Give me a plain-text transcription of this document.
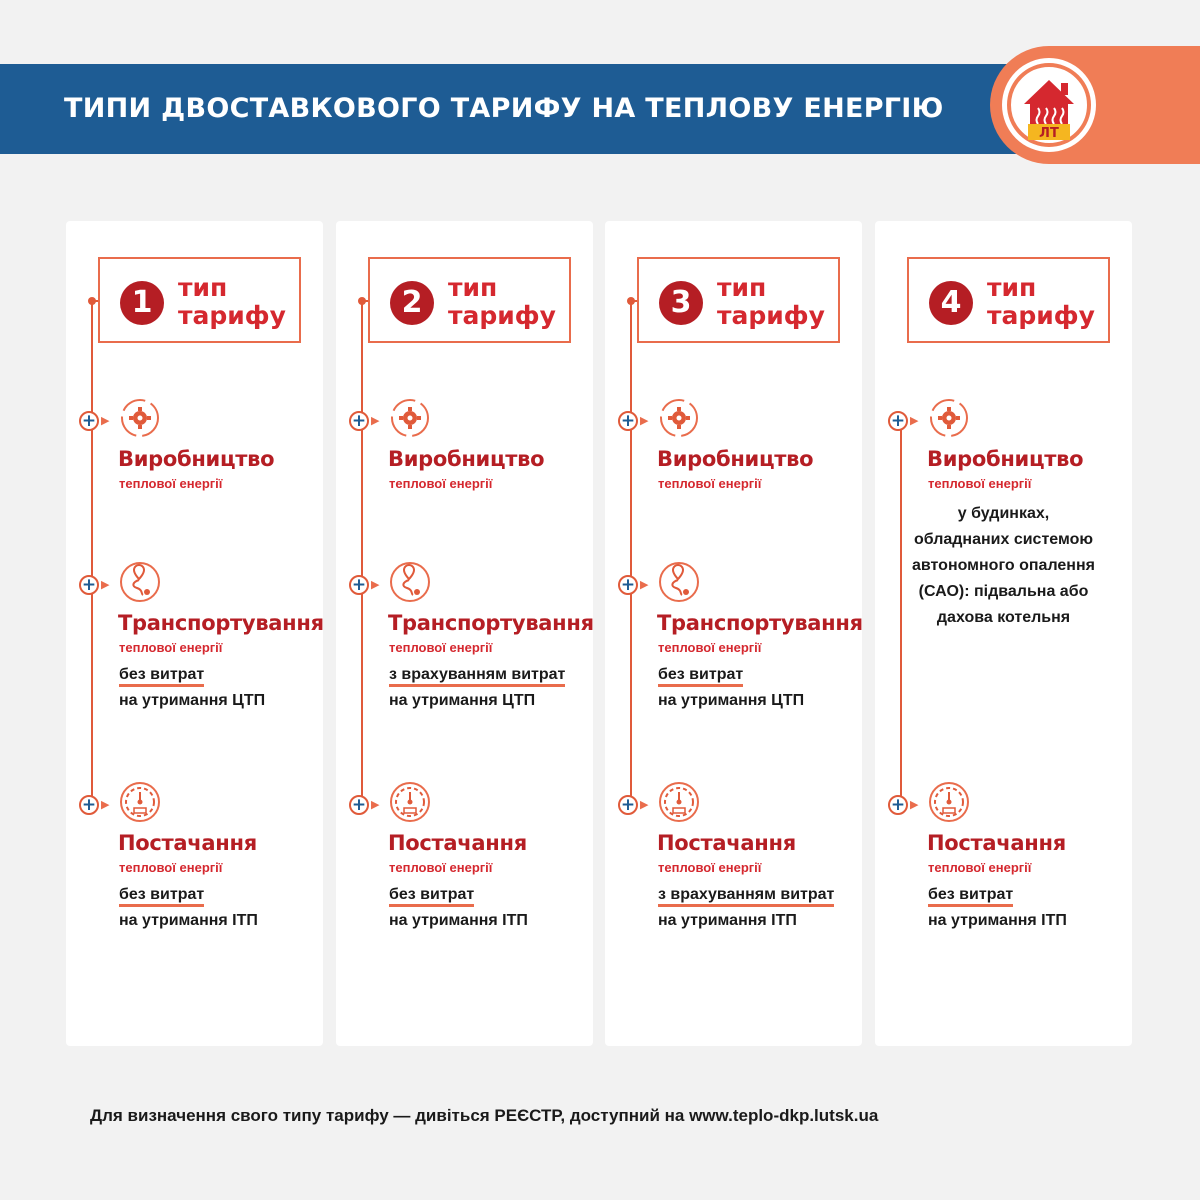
ТИПИ ДВОСТАВКОВОГО ТАРИФУ НА ТЕПЛОВУ ЕНЕРГІЮ
ЛТ
1	тип
тарифу
+ ▶
Виробництво
теплової енергії
+ ▶
Транспортування
теплової енергії
без витрат
на утримання ЦТП
+ ▶
Постачання
теплової енергії
без витрат
на утримання ІТП
2	тип
тарифу
+ ▶
Виробництво
теплової енергії
+ ▶
Транспортування
теплової енергії
з врахуванням витрат
на утримання ЦТП
+ ▶
Постачання
теплової енергії
без витрат
на утримання ІТП
3	тип
тарифу
+ ▶
Виробництво
теплової енергії
+ ▶
Транспортування
теплової енергії
без витрат
на утримання ЦТП
+ ▶
Постачання
теплової енергії
з врахуванням витрат
на утримання ІТП
4	тип
тарифу
+ ▶
Виробництво
теплової енергії
у будинках,
обладнаних системою
автономного опалення
(САО): підвальна або
дахова котельня
+ ▶
Постачання
теплової енергії
без витрат
на утримання ІТП
Для визначення свого типу тарифу — дивіться РЕЄСТР, доступний на www.teplo-dkp.lutsk.ua
